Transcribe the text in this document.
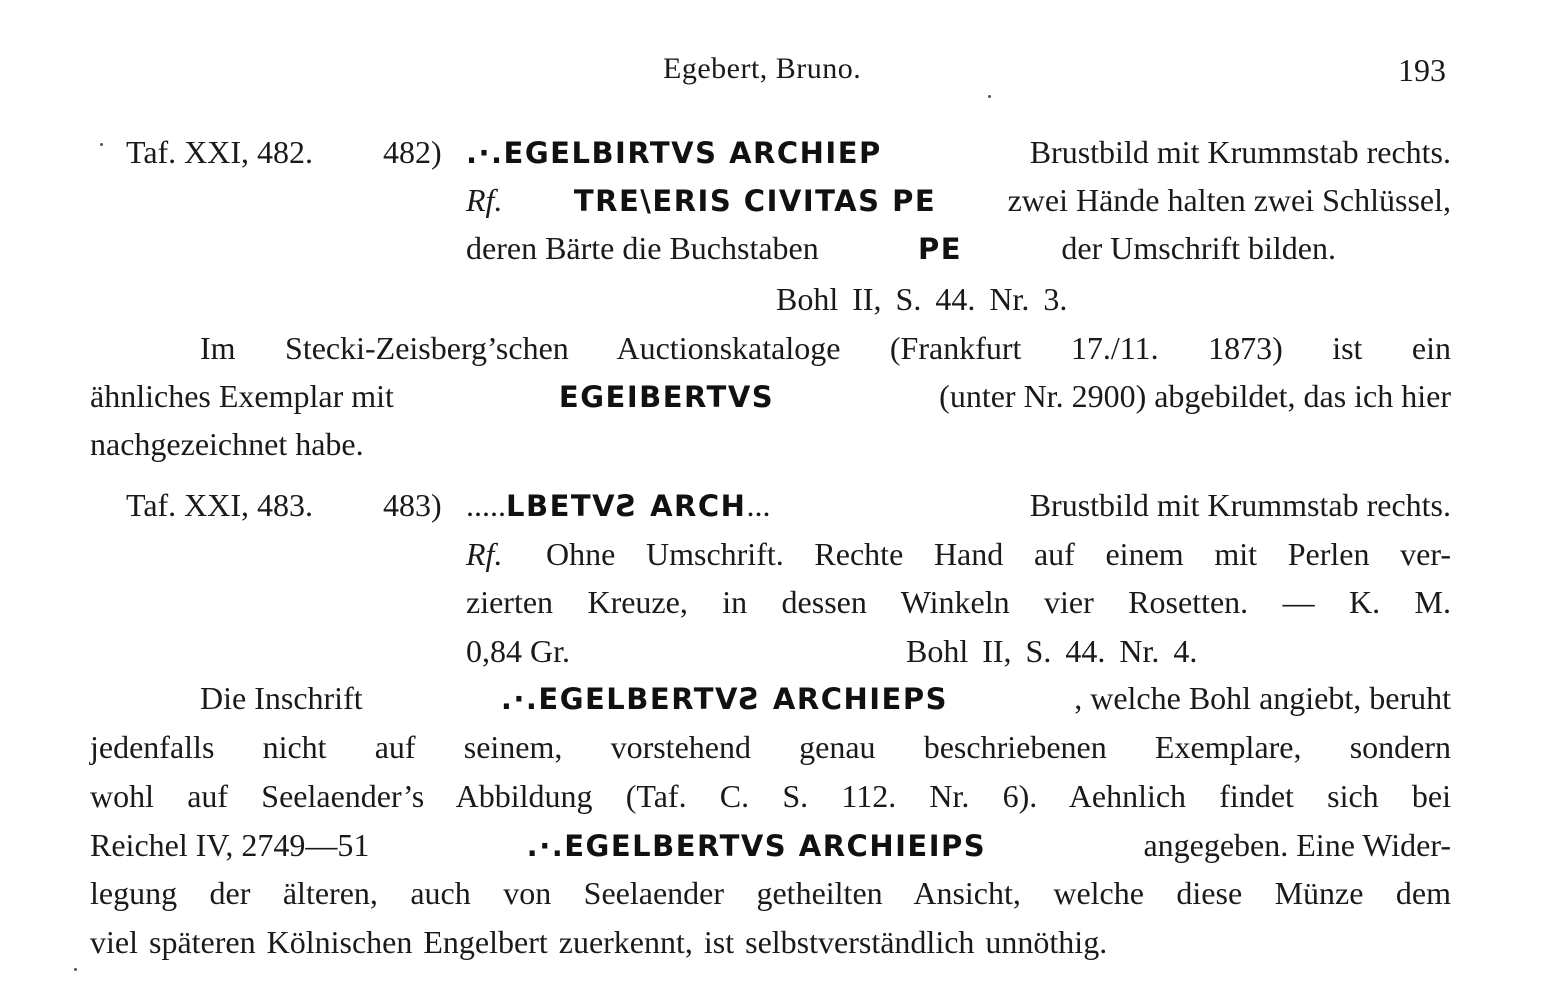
Egebert, Bruno.	193
Taf. XXI, 482. 482) .·.EGELBIRTVS ARCHIEP	Brustbild mit Krummstab rechts.
Rf. TRE\ERIS CIVITAS PE zwei Hände halten zwei Schlüssel,
deren Bärte die Buchstaben	PE	der Umschrift bilden.
Bohl II, S. 44. Nr. 3.
Im Stecki-Zeisberg’schen Auctionskataloge (Frankfurt 17./11. 1873) ist ein
ähnliches Exemplar mit	EGEIBERTVS	(unter Nr. 2900) abgebildet, das ich hier
nachgezeichnet habe.
Taf. XXI, 483. 483) .....LBETVƧ ARCH...	Brustbild mit Krummstab rechts.
Rf. Ohne Umschrift. Rechte Hand auf einem mit Perlen ver-
zierten Kreuze, in dessen Winkeln vier Rosetten. — K. M.
0,84 Gr.	Bohl II, S. 44. Nr. 4.
Die Inschrift	.·.EGELBERTVƧ ARCHIEPS	, welche Bohl angiebt, beruht
jedenfalls nicht auf seinem, vorstehend genau beschriebenen Exemplare, sondern
wohl auf Seelaender’s Abbildung (Taf. C. S. 112. Nr. 6). Aehnlich findet sich bei
Reichel IV, 2749—51	.·.EGELBERTVS ARCHIEIPS	angegeben. Eine Wider-
legung der älteren, auch von Seelaender getheilten Ansicht, welche diese Münze dem
viel späteren Kölnischen Engelbert zuerkennt, ist selbstverständlich unnöthig.
